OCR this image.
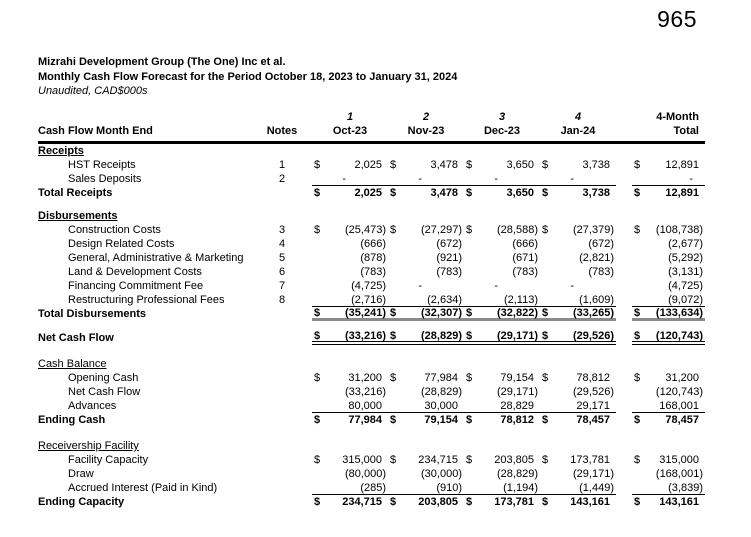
965
Mizrahi Development Group (The One) Inc et al.
Monthly Cash Flow Forecast for the Period October 18, 2023 to January 31, 2024
Unaudited, CAD$000s
1	2	3	4	4-Month
Cash Flow Month End	Notes	Oct-23	Nov-23	Dec-23	Jan-24	Total
Receipts
HST Receipts	1	$	2,025 $	3,478 $	3,650 $	3,738	$ 12,891
Sales Deposits	2	-	-	-	-	-
Total Receipts	$	2,025 $	3,478 $	3,650 $	3,738	$ 12,891
Disbursements
Construction Costs	3	$ (25,473) $ (27,297) $ (28,588) $ (27,379) $ (108,738)
Design Related Costs	4	(666)	(672)	(666)	(672)	(2,677)
General, Administrative & Marketing	5	(878)	(921)	(671)	(2,821)	(5,292)
Land & Development Costs	6	(783)	(783)	(783)	(783)	(3,131)
Financing Commitment Fee	7	(4,725)	-	-	-	(4,725)
Restructuring Professional Fees	8	(2,716)	(2,634)	(2,113)	(1,609)	(9,072)
Total Disbursements	$ (35,241) $ (32,307) $ (32,822) $ (33,265) $ (133,634)
Net Cash Flow	$ (33,216) $ (28,829) $ (29,171) $ (29,526) $ (120,743)
Cash Balance
Opening Cash	$	31,200 $	77,984 $	79,154 $	78,812	$ 31,200
Net Cash Flow	(33,216)	(28,829)	(29,171)	(29,526)	(120,743)
Advances	80,000	30,000	28,829	29,171	168,001
Ending Cash	$	77,984 $	79,154 $	78,812 $	78,457	$ 78,457
Receivership Facility
Facility Capacity	$ 315,000 $ 234,715 $ 203,805 $ 173,781	$ 315,000
Draw	(80,000)	(30,000)	(28,829)	(29,171)	(168,001)
Accrued Interest (Paid in Kind)	(285)	(910)	(1,194)	(1,449)	(3,839)
Ending Capacity	$ 234,715 $ 203,805 $ 173,781 $ 143,161	$ 143,161
